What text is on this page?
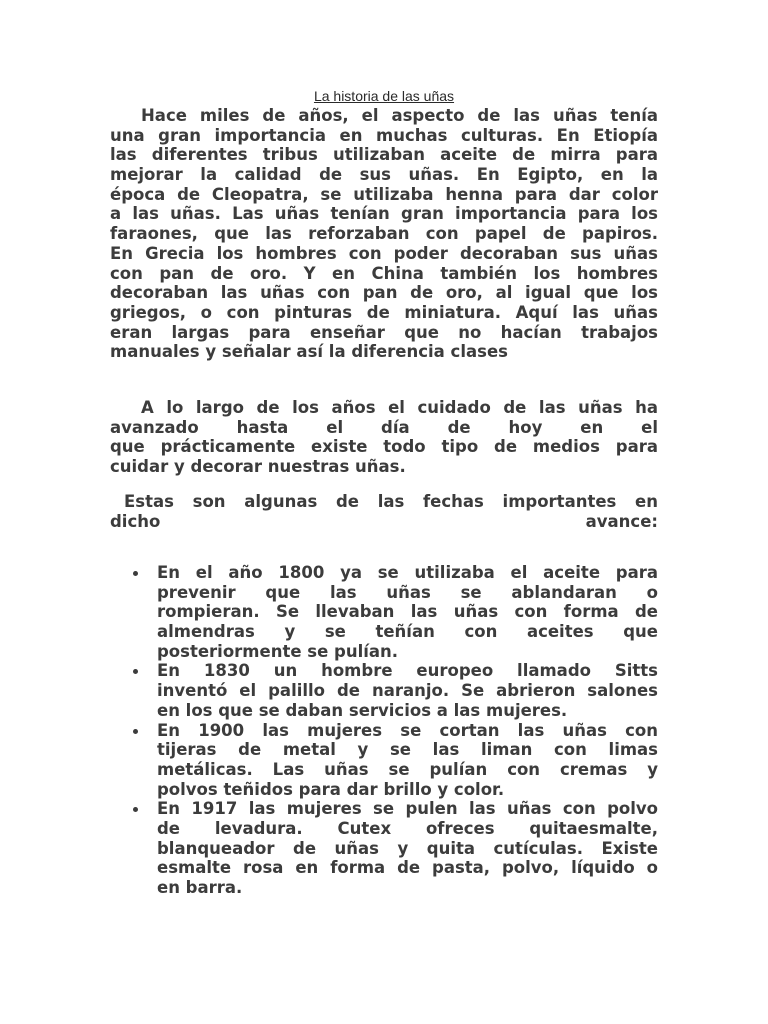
La historia de las uñas
Hace miles de años, el aspecto de las uñas tenía
una gran importancia en muchas culturas. En Etiopía
las diferentes tribus utilizaban aceite de mirra para
mejorar la calidad de sus uñas. En Egipto, en la
época de Cleopatra, se utilizaba henna para dar color
a las uñas. Las uñas tenían gran importancia para los
faraones, que las reforzaban con papel de papiros.
En Grecia los hombres con poder decoraban sus uñas
con pan de oro. Y en China también los hombres
decoraban las uñas con pan de oro, al igual que los
griegos, o con pinturas de miniatura. Aquí las uñas
eran largas para enseñar que no hacían trabajos
manuales y señalar así la diferencia clases
A lo largo de los años el cuidado de las uñas ha
avanzado hasta el día de hoy en el
que prácticamente existe todo tipo de medios para
cuidar y decorar nuestras uñas.
Estas son algunas de las fechas importantes en
dicho avance:
En el año 1800 ya se utilizaba el aceite para
prevenir que las uñas se ablandaran o
rompieran. Se llevaban las uñas con forma de
almendras y se teñían con aceites que
posteriormente se pulían.
En 1830 un hombre europeo llamado Sitts
inventó el palillo de naranjo. Se abrieron salones
en los que se daban servicios a las mujeres.
En 1900 las mujeres se cortan las uñas con
tijeras de metal y se las liman con limas
metálicas. Las uñas se pulían con cremas y
polvos teñidos para dar brillo y color.
En 1917 las mujeres se pulen las uñas con polvo
de levadura. Cutex ofreces quitaesmalte,
blanqueador de uñas y quita cutículas. Existe
esmalte rosa en forma de pasta, polvo, líquido o
en barra.
